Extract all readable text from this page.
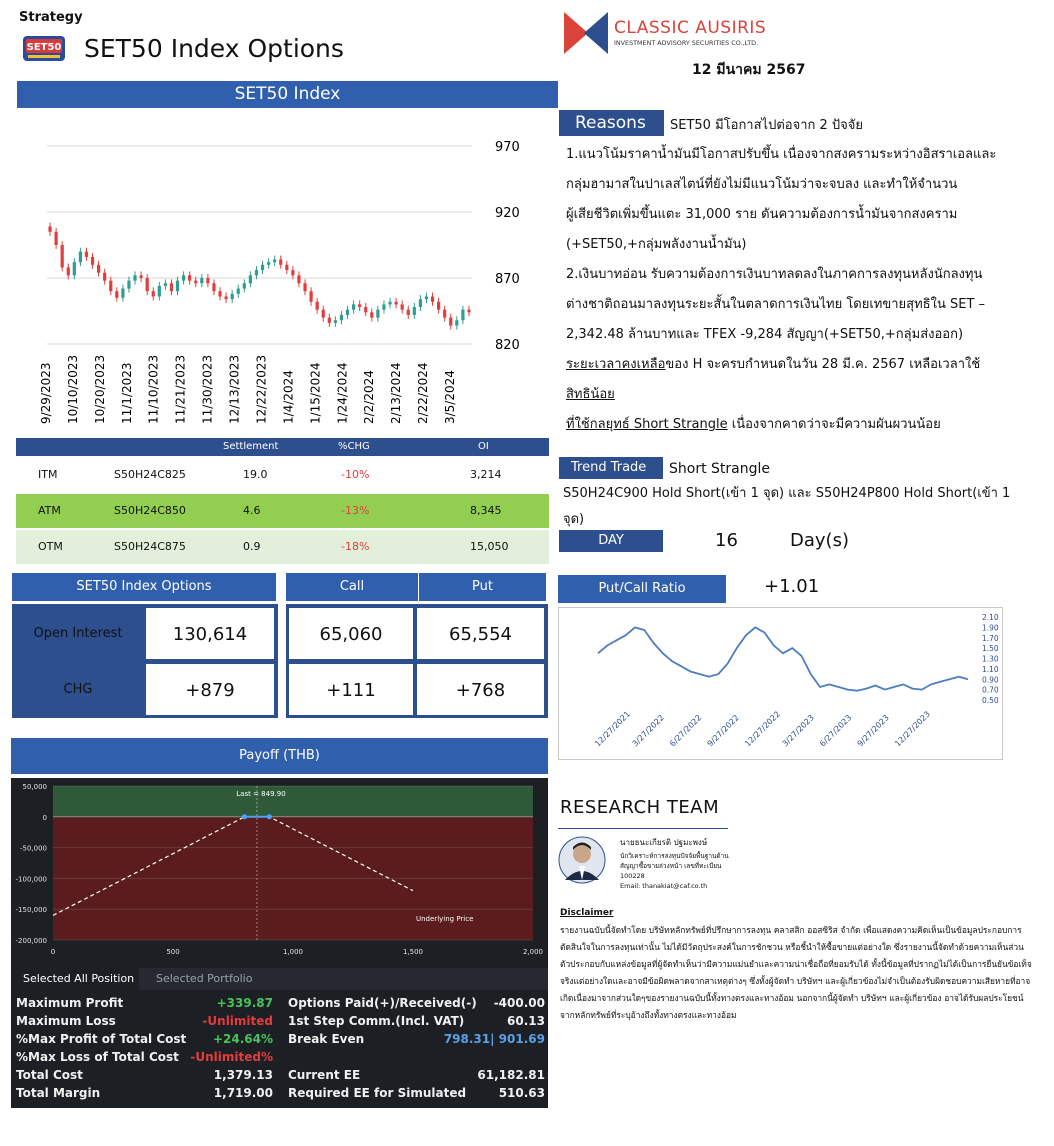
Strategy
SET50 SET50 Index Options
CLASSIC AUSIRIS
INVESTMENT ADVISORY SECURITIES CO.,LTD.
12 มีนาคม 2567
SET50 Index
970
920
870
820
9/29/2023 10/10/2023 10/20/2023 11/1/2023 11/10/2023 11/21/2023 11/30/2023 12/13/2023 12/22/2023 1/4/2024 1/15/2024 1/24/2024 2/2/2024 2/13/2024 2/22/2024 3/5/2024
Settlement	%CHG	OI
ITM	S50H24C825	19.0	-10%	3,214
ATM	S50H24C850	4.6	-13%	8,345
OTM	S50H24C875	0.9	-18%	15,050
SET50 Index Options
Open Interest
CHG
130,614
+879
Call	Put
65,060	65,554
+111	+768
Payoff (THB)
50,000
0
-50,000
-100,000
-150,000
-200,000
0	500	1,000	1,500	2,000
Last = 849.90
Underlying Price
Selected All Position	Selected Portfolio
Maximum Profit	+339.87
Maximum Loss	-Unlimited
%Max Profit of Total Cost +24.64%
%Max Loss of Total Cost -Unlimited%
Total Cost	1,379.13
Total Margin	1,719.00
Options Paid(+)/Received(-) -400.00
1st Step Comm.(Incl. VAT)	60.13
Break Even	798.31| 901.69
Current EE	61,182.81
Required EE for Simulated	510.63
Reasons	SET50 มีโอกาสไปต่อจาก 2 ปัจจัย
1.แนวโน้มราคาน้ำมันมีโอกาสปรับขึ้น เนื่องจากสงครามระหว่างอิสราเอลและ
กลุ่มฮามาสในปาเลสไตน์ที่ยังไม่มีแนวโน้มว่าจะจบลง และทำให้จำนวน
ผู้เสียชีวิตเพิ่มขึ้นแตะ 31,000 ราย ดันความต้องการน้ำมันจากสงคราม
(+SET50,+กลุ่มพลังงานน้ำมัน)
2.เงินบาทอ่อน รับความต้องการเงินบาทลดลงในภาคการลงทุนหลังนักลงทุน
ต่างชาติถอนมาลงทุนระยะสั้นในตลาดการเงินไทย โดยเทขายสุทธิใน SET –
2,342.48 ล้านบาทและ TFEX -9,284 สัญญา(+SET50,+กลุ่มส่งออก)
ระยะเวลาคงเหลือของ H จะครบกำหนดในวัน 28 มี.ค. 2567 เหลือเวลาใช้
สิทธิน้อย
ที่ใช้กลยุทธ์ Short Strangle เนื่องจากคาดว่าจะมีความผันผวนน้อย
Trend Trade	Short Strangle
S50H24C900 Hold Short(เข้า 1 จุด) และ S50H24P800 Hold Short(เข้า 1 จุด)
DAY	16	Day(s)
Put/Call Ratio	+1.01
2.10
1.90
1.70
1.50
1.30
1.10
0.90
0.70
0.50
12/27/2021
3/27/2022 6/27/2022 9/27/2022 12/27/2022
3/27/2023 6/27/2023 9/27/2023 12/27/2023
RESEARCH TEAM
นายธนะเกียรติ ปฐมะพงษ์
นักวิเคราะห์การลงทุนปัจจัยพื้นฐานด้าน
สัญญาซื้อขายล่วงหน้า เลขที่ทะเบียน
100228
Email: thanakiat@caf.co.th
Disclaimer
รายงานฉบับนี้จัดทำโดย บริษัทหลักทรัพย์ที่ปรึกษาการลงทุน คลาสสิก ออสซิริส จำกัด เพื่อแสดงความคิดเห็นเป็นข้อมูลประกอบการตัดสินใจในการลงทุนเท่านั้น ไม่ได้มีวัตถุประสงค์ในการชักชวน หรือชี้นำให้ซื้อขายแต่อย่างใด ซึ่งรายงานนี้จัดทำด้วยความเห็นส่วนตัวประกอบกับแหล่งข้อมูลที่ผู้จัดทำเห็นว่ามีความแม่นยำและความน่าเชื่อถือที่ยอมรับได้ ทั้งนี้ข้อมูลที่ปรากฏไม่ได้เป็นการยืนยันข้อเท็จจริงแต่อย่างใดและอาจมีข้อผิดพลาดจากสาเหตุต่างๆ ซึ่งทั้งผู้จัดทำ บริษัทฯ และผู้เกี่ยวข้องไม่จำเป็นต้องรับผิดชอบความเสียหายที่อาจ เกิดเนื่องมาจากส่วนใดๆของรายงานฉบับนี้ทั้งทางตรงและทางอ้อม นอกจากนี้ผู้จัดทำ บริษัทฯ และผู้เกี่ยวข้อง อาจได้รับผลประโยชน์จากหลักทรัพย์ที่ระบุอ้างถึงทั้งทางตรงและทางอ้อม
